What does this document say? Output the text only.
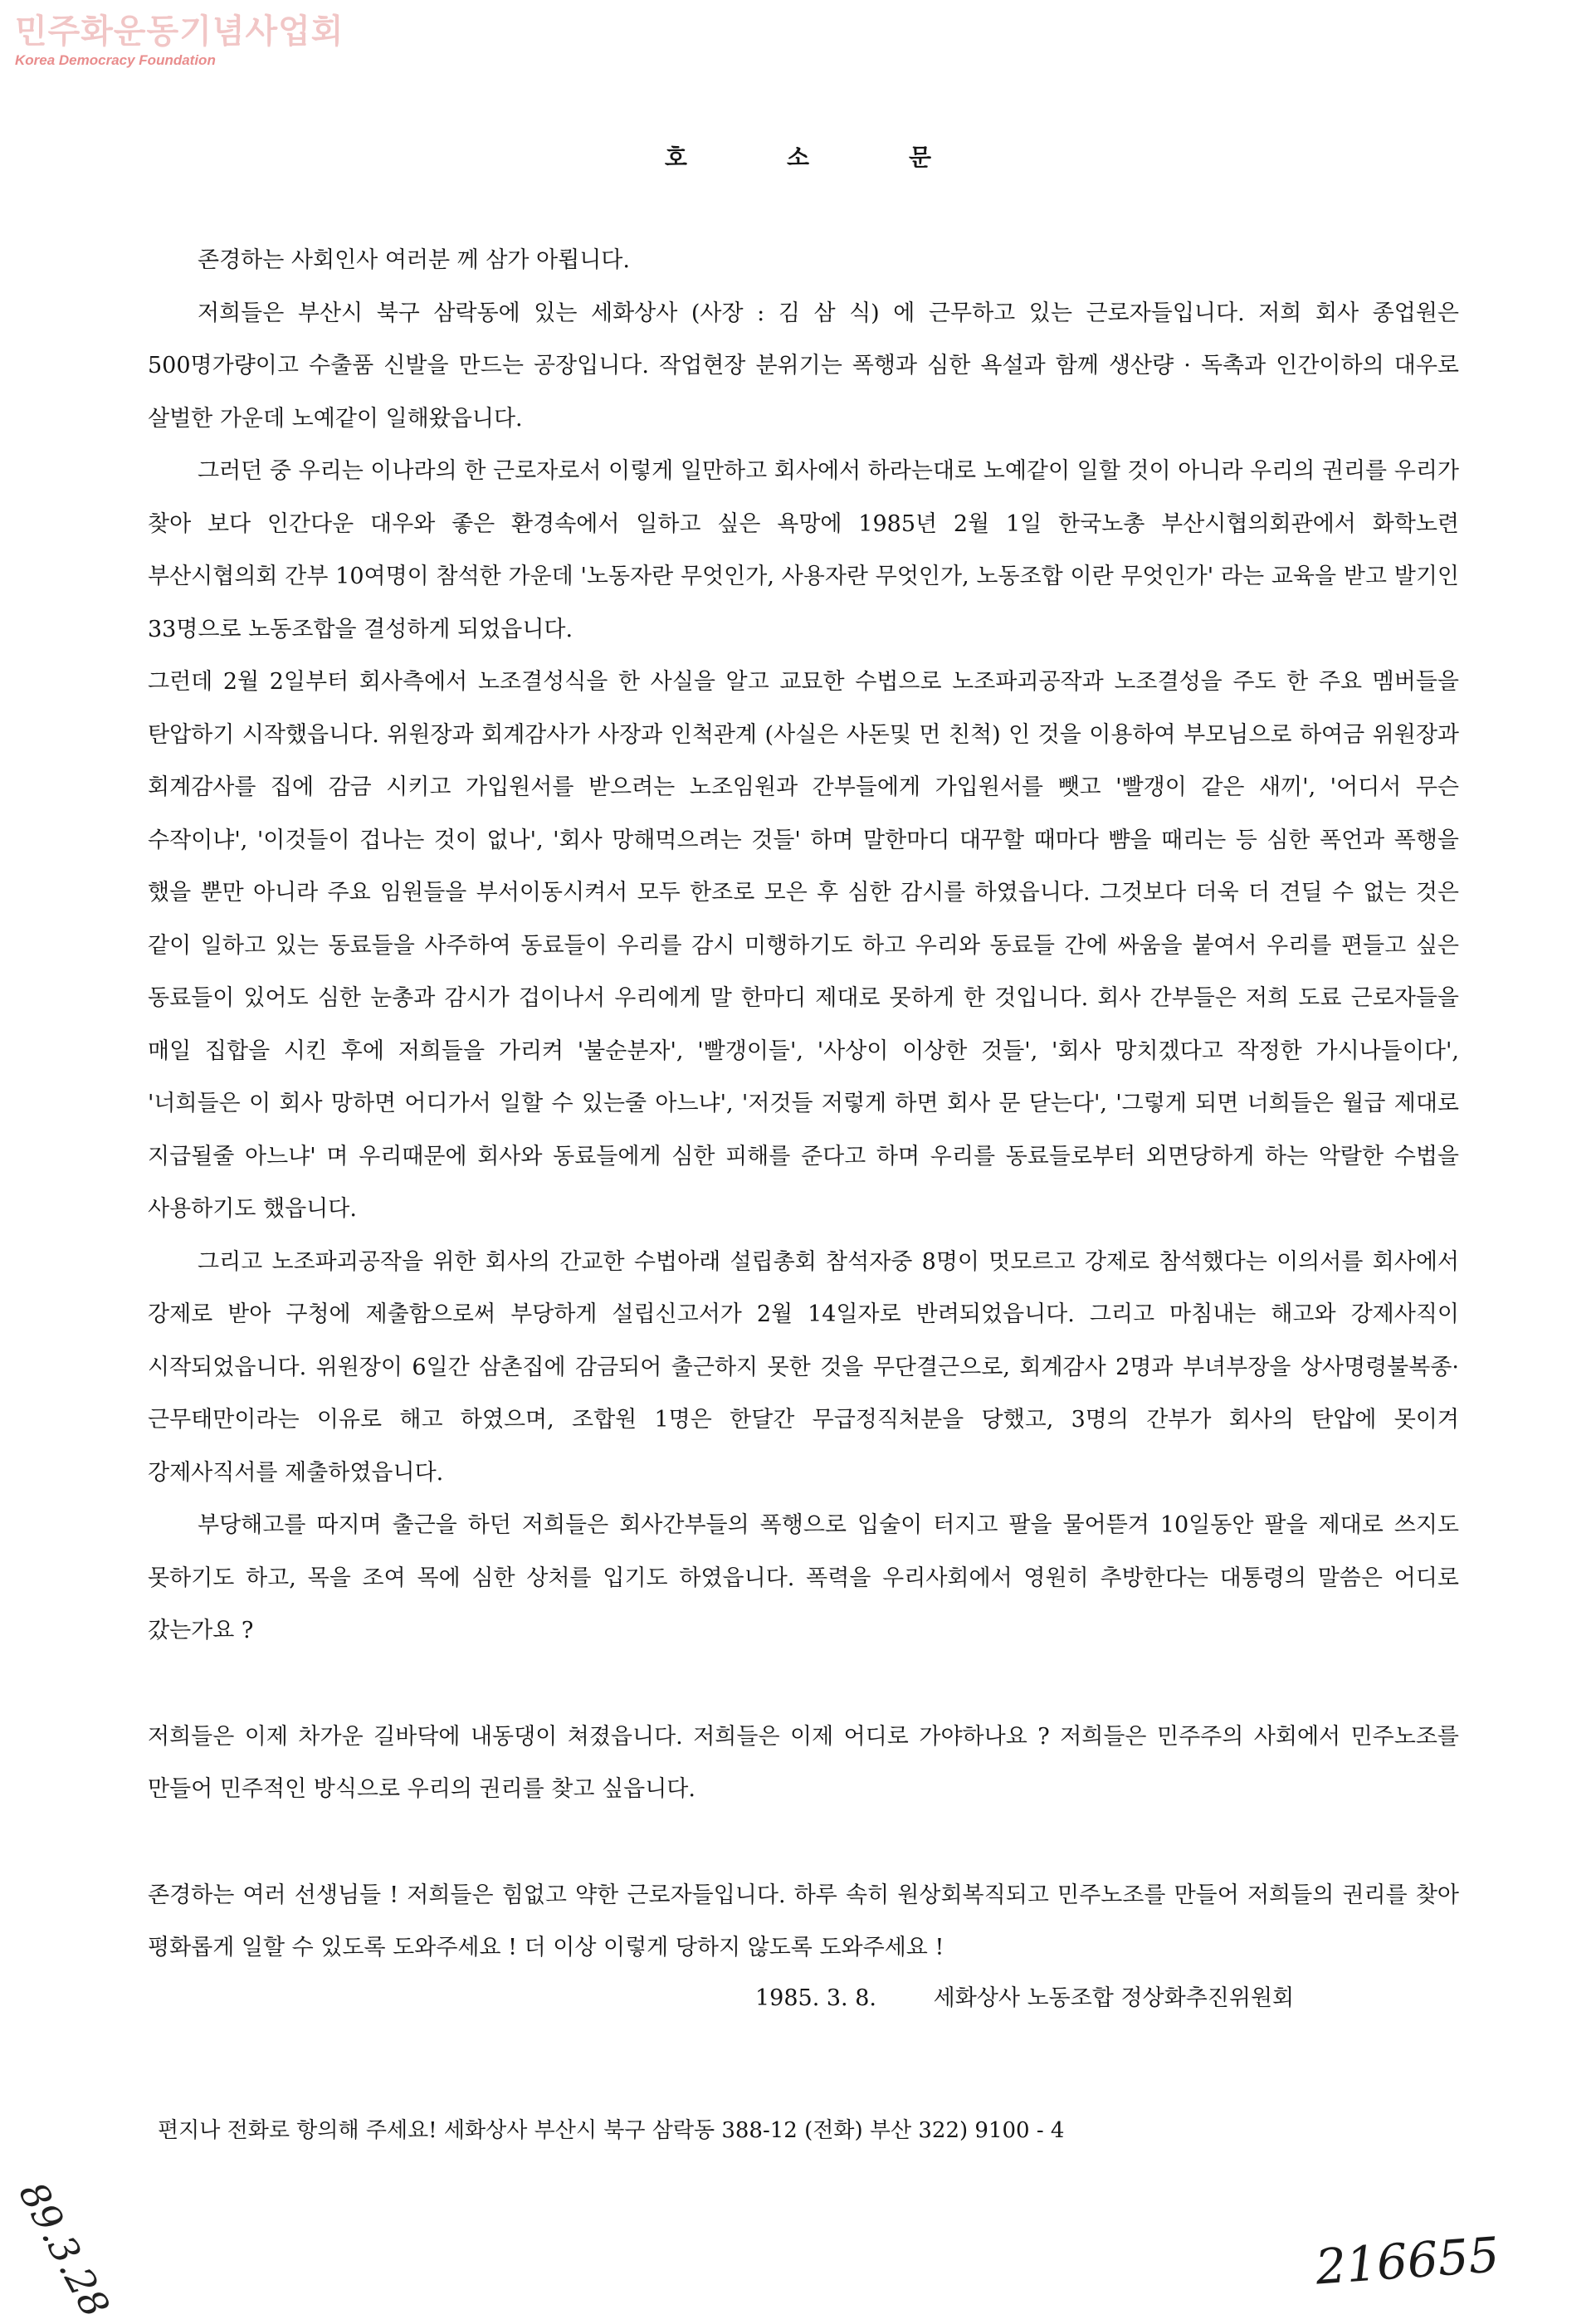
민주화운동기념사업회
Korea Democracy Foundation
호소문

존경하는 사회인사 여러분 께 삼가 아룁니다.

저희들은 부산시 북구 삼락동에 있는 세화상사 (사장 : 김 삼 식) 에 근무하고 있는 근로자들입니다. 저희 회사 종업원은 500명가량이고 수출품 신발을 만드는 공장입니다. 작업현장 분위기는 폭행과 심한 욕설과 함께 생산량 · 독촉과 인간이하의 대우로 살벌한 가운데 노예같이 일해왔읍니다.

그러던 중 우리는 이나라의 한 근로자로서 이렇게 일만하고 회사에서 하라는대로 노예같이 일할 것이 아니라 우리의 권리를 우리가 찾아 보다 인간다운 대우와 좋은 환경속에서 일하고 싶은 욕망에 1985년 2월 1일 한국노총 부산시협의회관에서 화학노련 부산시협의회 간부 10여명이 참석한 가운데 '노동자란 무엇인가, 사용자란 무엇인가, 노동조합 이란 무엇인가' 라는 교육을 받고 발기인 33명으로 노동조합을 결성하게 되었읍니다.

그런데 2월 2일부터 회사측에서 노조결성식을 한 사실을 알고 교묘한 수법으로 노조파괴공작과 노조결성을 주도 한 주요 멤버들을 탄압하기 시작했읍니다. 위원장과 회계감사가 사장과 인척관계 (사실은 사돈및 먼 친척) 인 것을 이용하여 부모님으로 하여금 위원장과 회계감사를 집에 감금 시키고 가입원서를 받으려는 노조임원과 간부들에게 가입원서를 뺏고 '빨갱이 같은 새끼', '어디서 무슨 수작이냐', '이것들이 겁나는 것이 없나', '회사 망해먹으려는 것들' 하며 말한마디 대꾸할 때마다 뺨을 때리는 등 심한 폭언과 폭행을 했을 뿐만 아니라 주요 임원들을 부서이동시켜서 모두 한조로 모은 후 심한 감시를 하였읍니다. 그것보다 더욱 더 견딜 수 없는 것은 같이 일하고 있는 동료들을 사주하여 동료들이 우리를 감시 미행하기도 하고 우리와 동료들 간에 싸움을 붙여서 우리를 편들고 싶은 동료들이 있어도 심한 눈총과 감시가 겁이나서 우리에게 말 한마디 제대로 못하게 한 것입니다. 회사 간부들은 저희 도료 근로자들을 매일 집합을 시킨 후에 저희들을 가리켜 '불순분자', '빨갱이들', '사상이 이상한 것들', '회사 망치겠다고 작정한 가시나들이다', '너희들은 이 회사 망하면 어디가서 일할 수 있는줄 아느냐', '저것들 저렇게 하면 회사 문 닫는다', '그렇게 되면 너희들은 월급 제대로 지급될줄 아느냐' 며 우리때문에 회사와 동료들에게 심한 피해를 준다고 하며 우리를 동료들로부터 외면당하게 하는 악랄한 수법을 사용하기도 했읍니다.

그리고 노조파괴공작을 위한 회사의 간교한 수법아래 설립총회 참석자중 8명이 멋모르고 강제로 참석했다는 이의서를 회사에서 강제로 받아 구청에 제출함으로써 부당하게 설립신고서가 2월 14일자로 반려되었읍니다. 그리고 마침내는 해고와 강제사직이 시작되었읍니다. 위원장이 6일간 삼촌집에 감금되어 출근하지 못한 것을 무단결근으로, 회계감사 2명과 부녀부장을 상사명령불복종·근무태만이라는 이유로 해고 하였으며, 조합원 1명은 한달간 무급정직처분을 당했고, 3명의 간부가 회사의 탄압에 못이겨 강제사직서를 제출하였읍니다.

부당해고를 따지며 출근을 하던 저희들은 회사간부들의 폭행으로 입술이 터지고 팔을 물어뜯겨 10일동안 팔을 제대로 쓰지도 못하기도 하고, 목을 조여 목에 심한 상처를 입기도 하였읍니다. 폭력을 우리사회에서 영원히 추방한다는 대통령의 말씀은 어디로 갔는가요 ?

저희들은 이제 차가운 길바닥에 내동댕이 쳐졌읍니다. 저희들은 이제 어디로 가야하나요 ? 저희들은 민주주의 사회에서 민주노조를 만들어 민주적인 방식으로 우리의 권리를 찾고 싶읍니다.

존경하는 여러 선생님들 ! 저희들은 힘없고 약한 근로자들입니다. 하루 속히 원상회복직되고 민주노조를 만들어 저희들의 권리를 찾아 평화롭게 일할 수 있도록 도와주세요 ! 더 이상 이렇게 당하지 않도록 도와주세요 !

1985. 3. 8.	세화상사 노동조합 정상화추진위원회
편지나 전화로 항의해 주세요! 세화상사 부산시 북구 삼락동 388-12 (전화) 부산 322) 9100 - 4
89.3.28	216655
